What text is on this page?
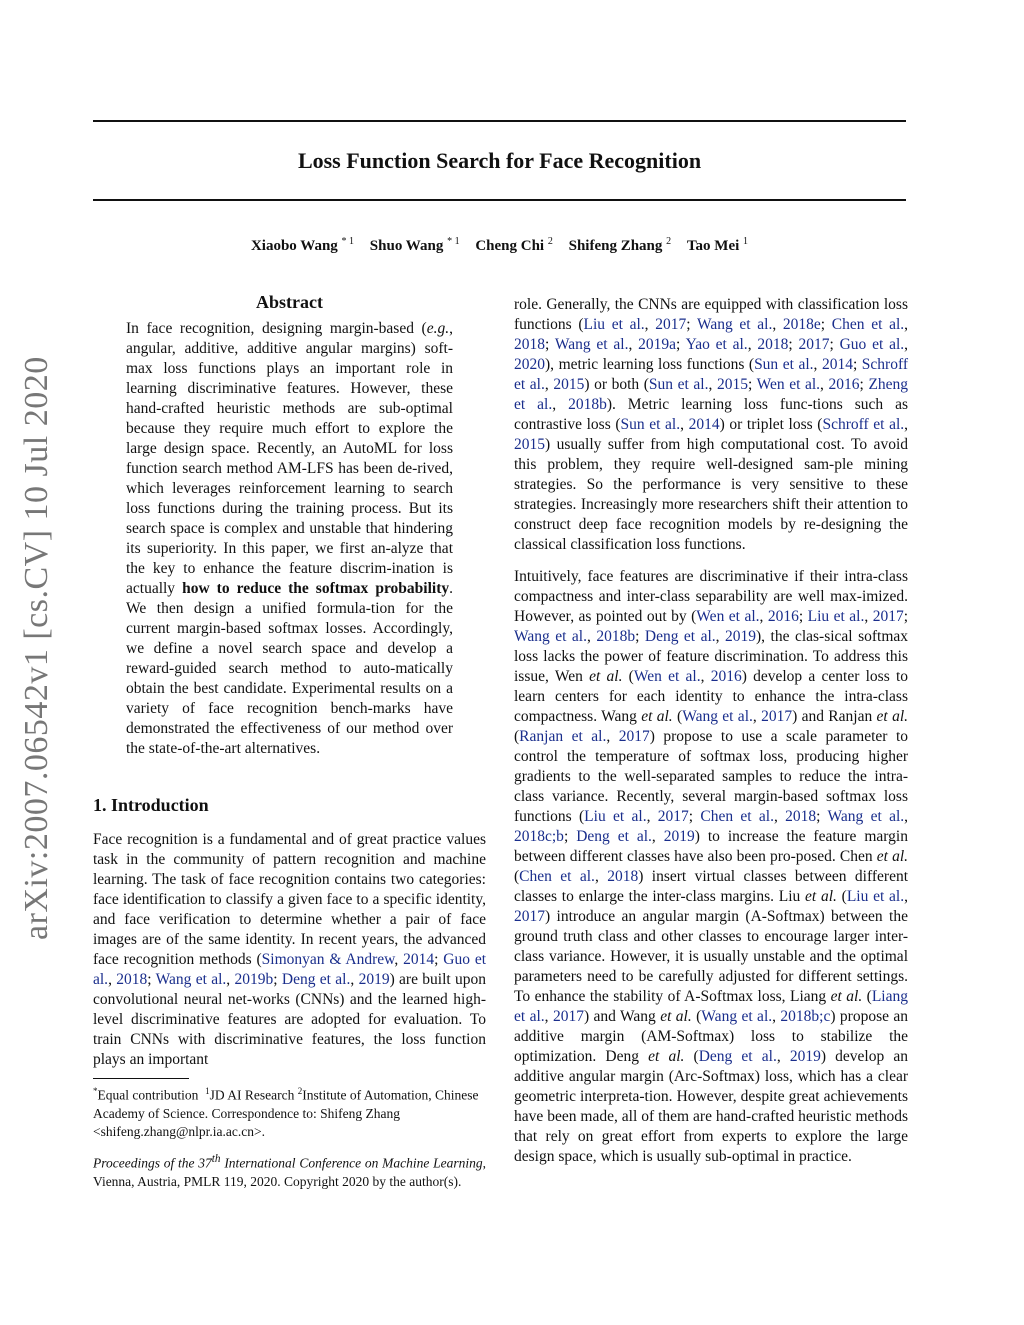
Loss Function Search for Face Recognition
Xiaobo Wang $^{* 1}$ Shuo Wang $^{* 1}$ Cheng Chi $^2$ Shifeng Zhang $^2$ Tao Mei $^1$
arXiv:2007.06542v1 [cs.CV] 10 Jul 2020
Abstract
In face recognition, designing margin-based (e.g., angular, additive, additive angular margins) soft-max loss functions plays an important role in learning discriminative features. However, these hand-crafted heuristic methods are sub-optimal because they require much effort to explore the large design space. Recently, an AutoML for loss function search method AM-LFS has been de-rived, which leverages reinforcement learning to search loss functions during the training process. But its search space is complex and unstable that hindering its superiority. In this paper, we first an-alyze that the key to enhance the feature discrim-ination is actually how to reduce the softmax probability. We then design a unified formula-tion for the current margin-based softmax losses. Accordingly, we define a novel search space and develop a reward-guided search method to auto-matically obtain the best candidate. Experimental results on a variety of face recognition bench-marks have demonstrated the effectiveness of our method over the state-of-the-art alternatives.
1. Introduction

Face recognition is a fundamental and of great practice values task in the community of pattern recognition and machine learning. The task of face recognition contains two categories: face identification to classify a given face to a specific identity, and face verification to determine whether a pair of face images are of the same identity. In recent years, the advanced face recognition methods (Simonyan & Andrew, 2014; Guo et al., 2018; Wang et al., 2019b; Deng et al., 2019) are built upon convolutional neural net-works (CNNs) and the learned high-level discriminative features are adopted for evaluation. To train CNNs with discriminative features, the loss function plays an important

*Equal contribution $^1$JD AI Research $^2$Institute of Automation, Chinese Academy of Science. Correspondence to: Shifeng Zhang <shifeng.zhang@nlpr.ia.ac.cn>.
Proceedings of the 37th International Conference on Machine Learning, Vienna, Austria, PMLR 119, 2020. Copyright 2020 by the author(s).

role. Generally, the CNNs are equipped with classification loss functions (Liu et al., 2017; Wang et al., 2018e; Chen et al., 2018; Wang et al., 2019a; Yao et al., 2018; 2017; Guo et al., 2020), metric learning loss functions (Sun et al., 2014; Schroff et al., 2015) or both (Sun et al., 2015; Wen et al., 2016; Zheng et al., 2018b). Metric learning loss func-tions such as contrastive loss (Sun et al., 2014) or triplet loss (Schroff et al., 2015) usually suffer from high computational cost. To avoid this problem, they require well-designed sam-ple mining strategies. So the performance is very sensitive to these strategies. Increasingly more researchers shift their attention to construct deep face recognition models by re-designing the classical classification loss functions.

Intuitively, face features are discriminative if their intra-class compactness and inter-class separability are well max-imized. However, as pointed out by (Wen et al., 2016; Liu et al., 2017; Wang et al., 2018b; Deng et al., 2019), the clas-sical softmax loss lacks the power of feature discrimination. To address this issue, Wen et al. (Wen et al., 2016) develop a center loss to learn centers for each identity to enhance the intra-class compactness. Wang et al. (Wang et al., 2017) and Ranjan et al. (Ranjan et al., 2017) propose to use a scale parameter to control the temperature of softmax loss, producing higher gradients to the well-separated samples to reduce the intra-class variance. Recently, several margin-based softmax loss functions (Liu et al., 2017; Chen et al., 2018; Wang et al., 2018c;b; Deng et al., 2019) to increase the feature margin between different classes have also been pro-posed. Chen et al. (Chen et al., 2018) insert virtual classes between different classes to enlarge the inter-class margins. Liu et al. (Liu et al., 2017) introduce an angular margin (A-Softmax) between the ground truth class and other classes to encourage larger inter-class variance. However, it is usually unstable and the optimal parameters need to be carefully adjusted for different settings. To enhance the stability of A-Softmax loss, Liang et al. (Liang et al., 2017) and Wang et al. (Wang et al., 2018b;c) propose an additive margin (AM-Softmax) loss to stabilize the optimization. Deng et al. (Deng et al., 2019) develop an additive angular margin (Arc-Softmax) loss, which has a clear geometric interpreta-tion. However, despite great achievements have been made, all of them are hand-crafted heuristic methods that rely on great effort from experts to explore the large design space, which is usually sub-optimal in practice.
